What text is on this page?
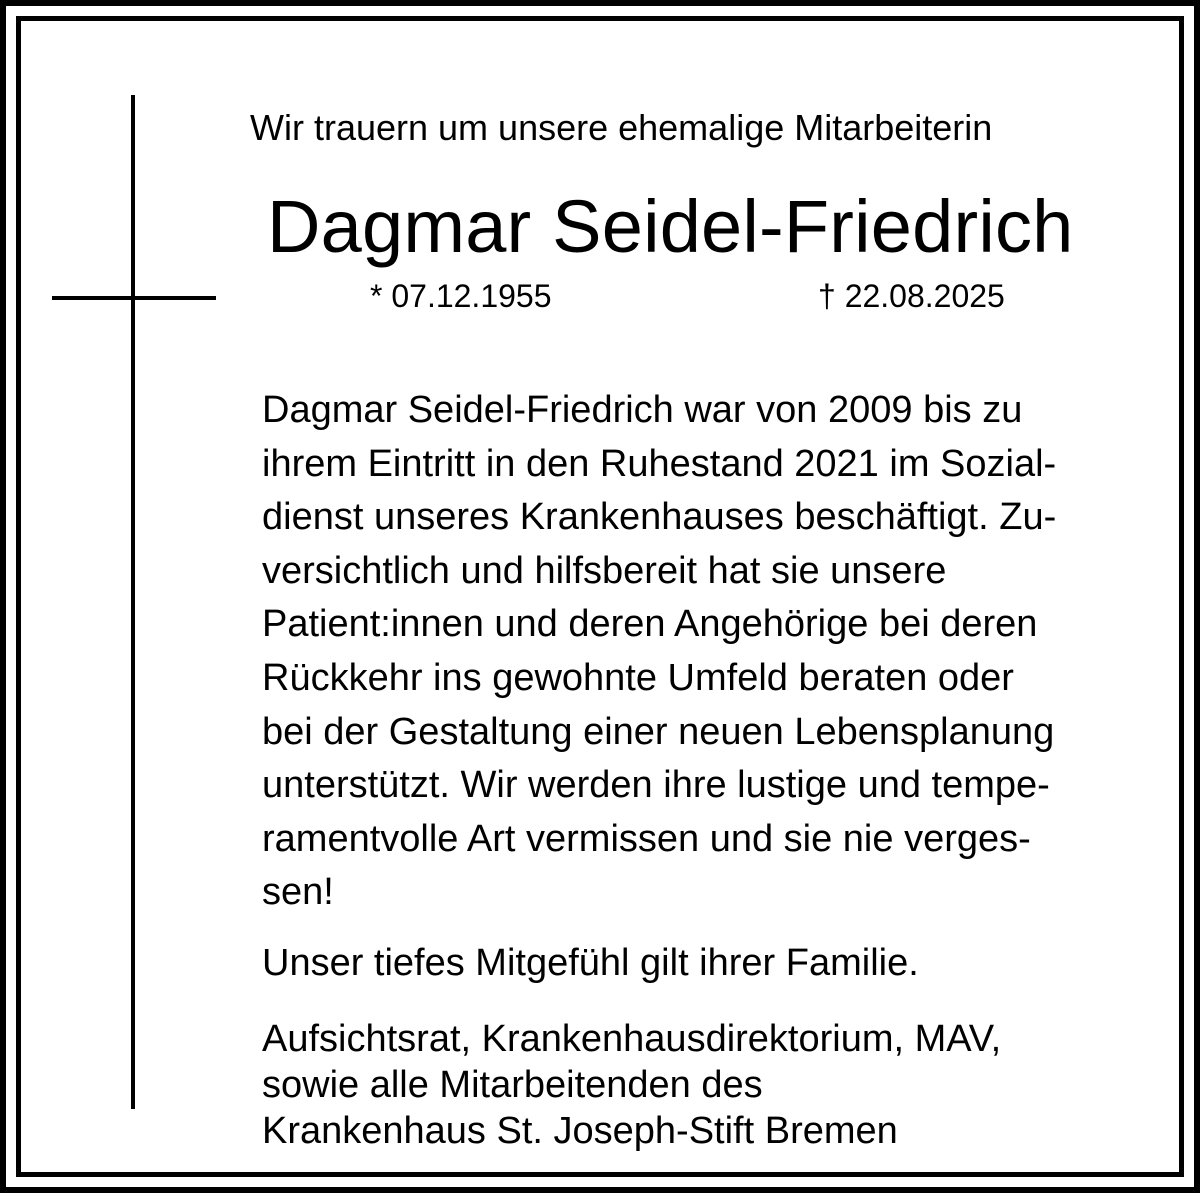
Wir trauern um unsere ehemalige Mitarbeiterin
Dagmar Seidel-Friedrich
* 07.12.1955	† 22.08.2025
Dagmar Seidel-Friedrich war von 2009 bis zu
ihrem Eintritt in den Ruhestand 2021 im Sozial-
dienst unseres Krankenhauses beschäftigt. Zu-
versichtlich und hilfsbereit hat sie unsere
Patient:innen und deren Angehörige bei deren
Rückkehr ins gewohnte Umfeld beraten oder
bei der Gestaltung einer neuen Lebensplanung
unterstützt. Wir werden ihre lustige und tempe-
ramentvolle Art vermissen und sie nie verges-
sen!
Unser tiefes Mitgefühl gilt ihrer Familie.
Aufsichtsrat, Krankenhausdirektorium, MAV,
sowie alle Mitarbeitenden des
Krankenhaus St. Joseph-Stift Bremen
